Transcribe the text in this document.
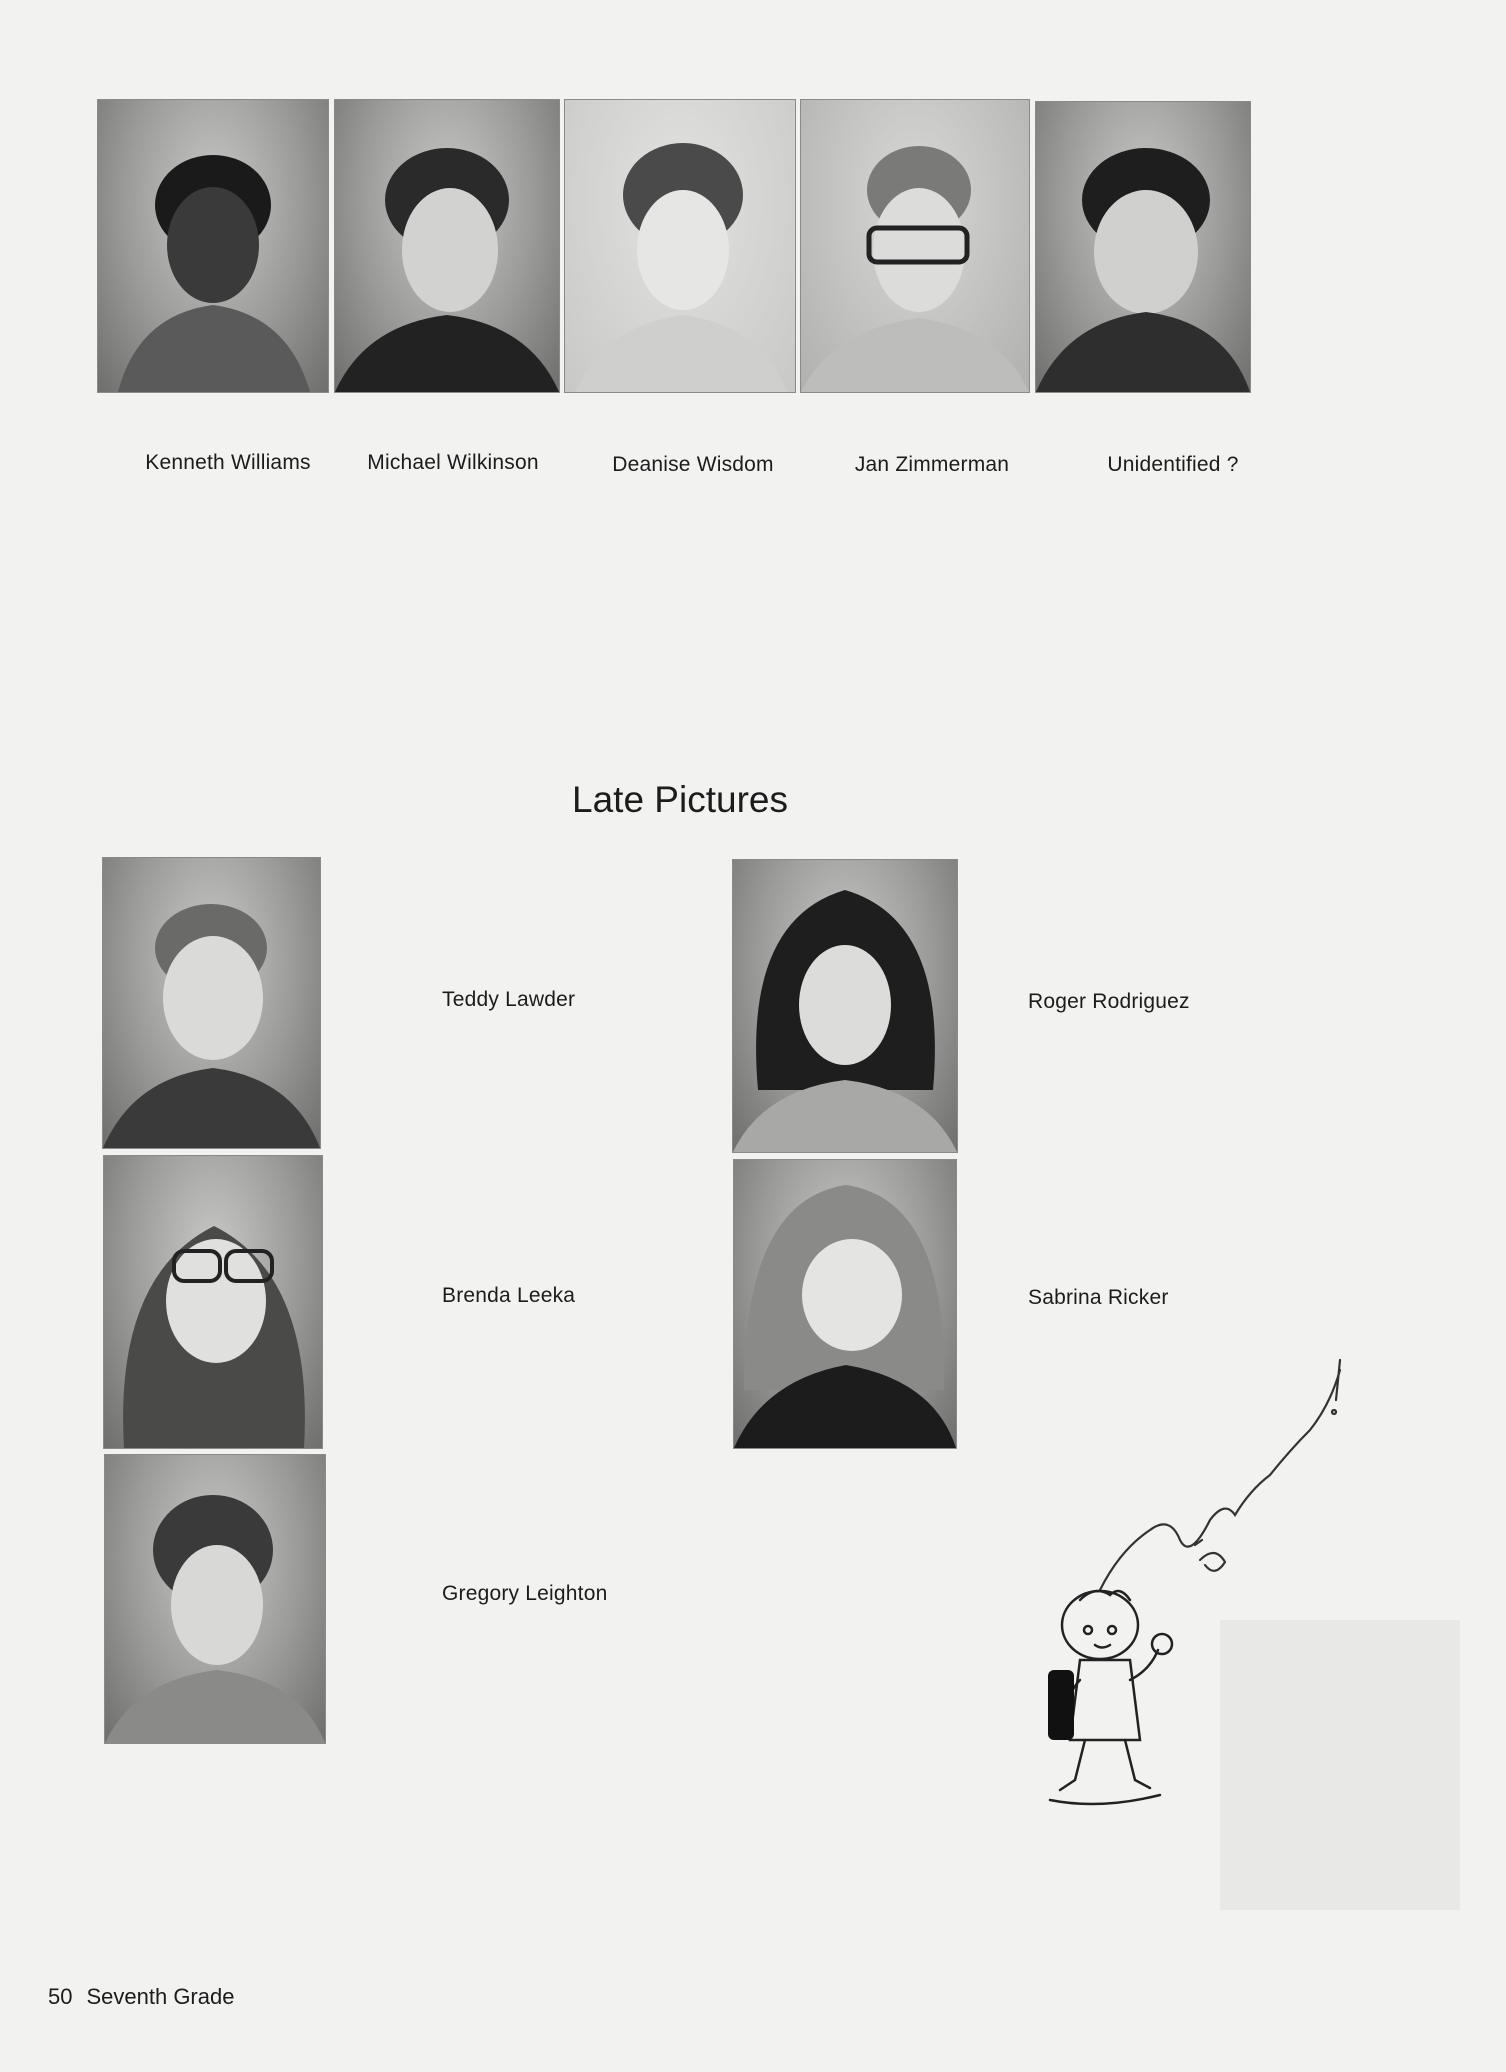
Kenneth Williams	Michael Wilkinson	Deanise Wisdom	Jan Zimmerman	Unidentified ?
Late Pictures
Teddy Lawder
Brenda Leeka
Gregory Leighton
Roger Rodriguez
Sabrina Ricker
50 Seventh Grade
